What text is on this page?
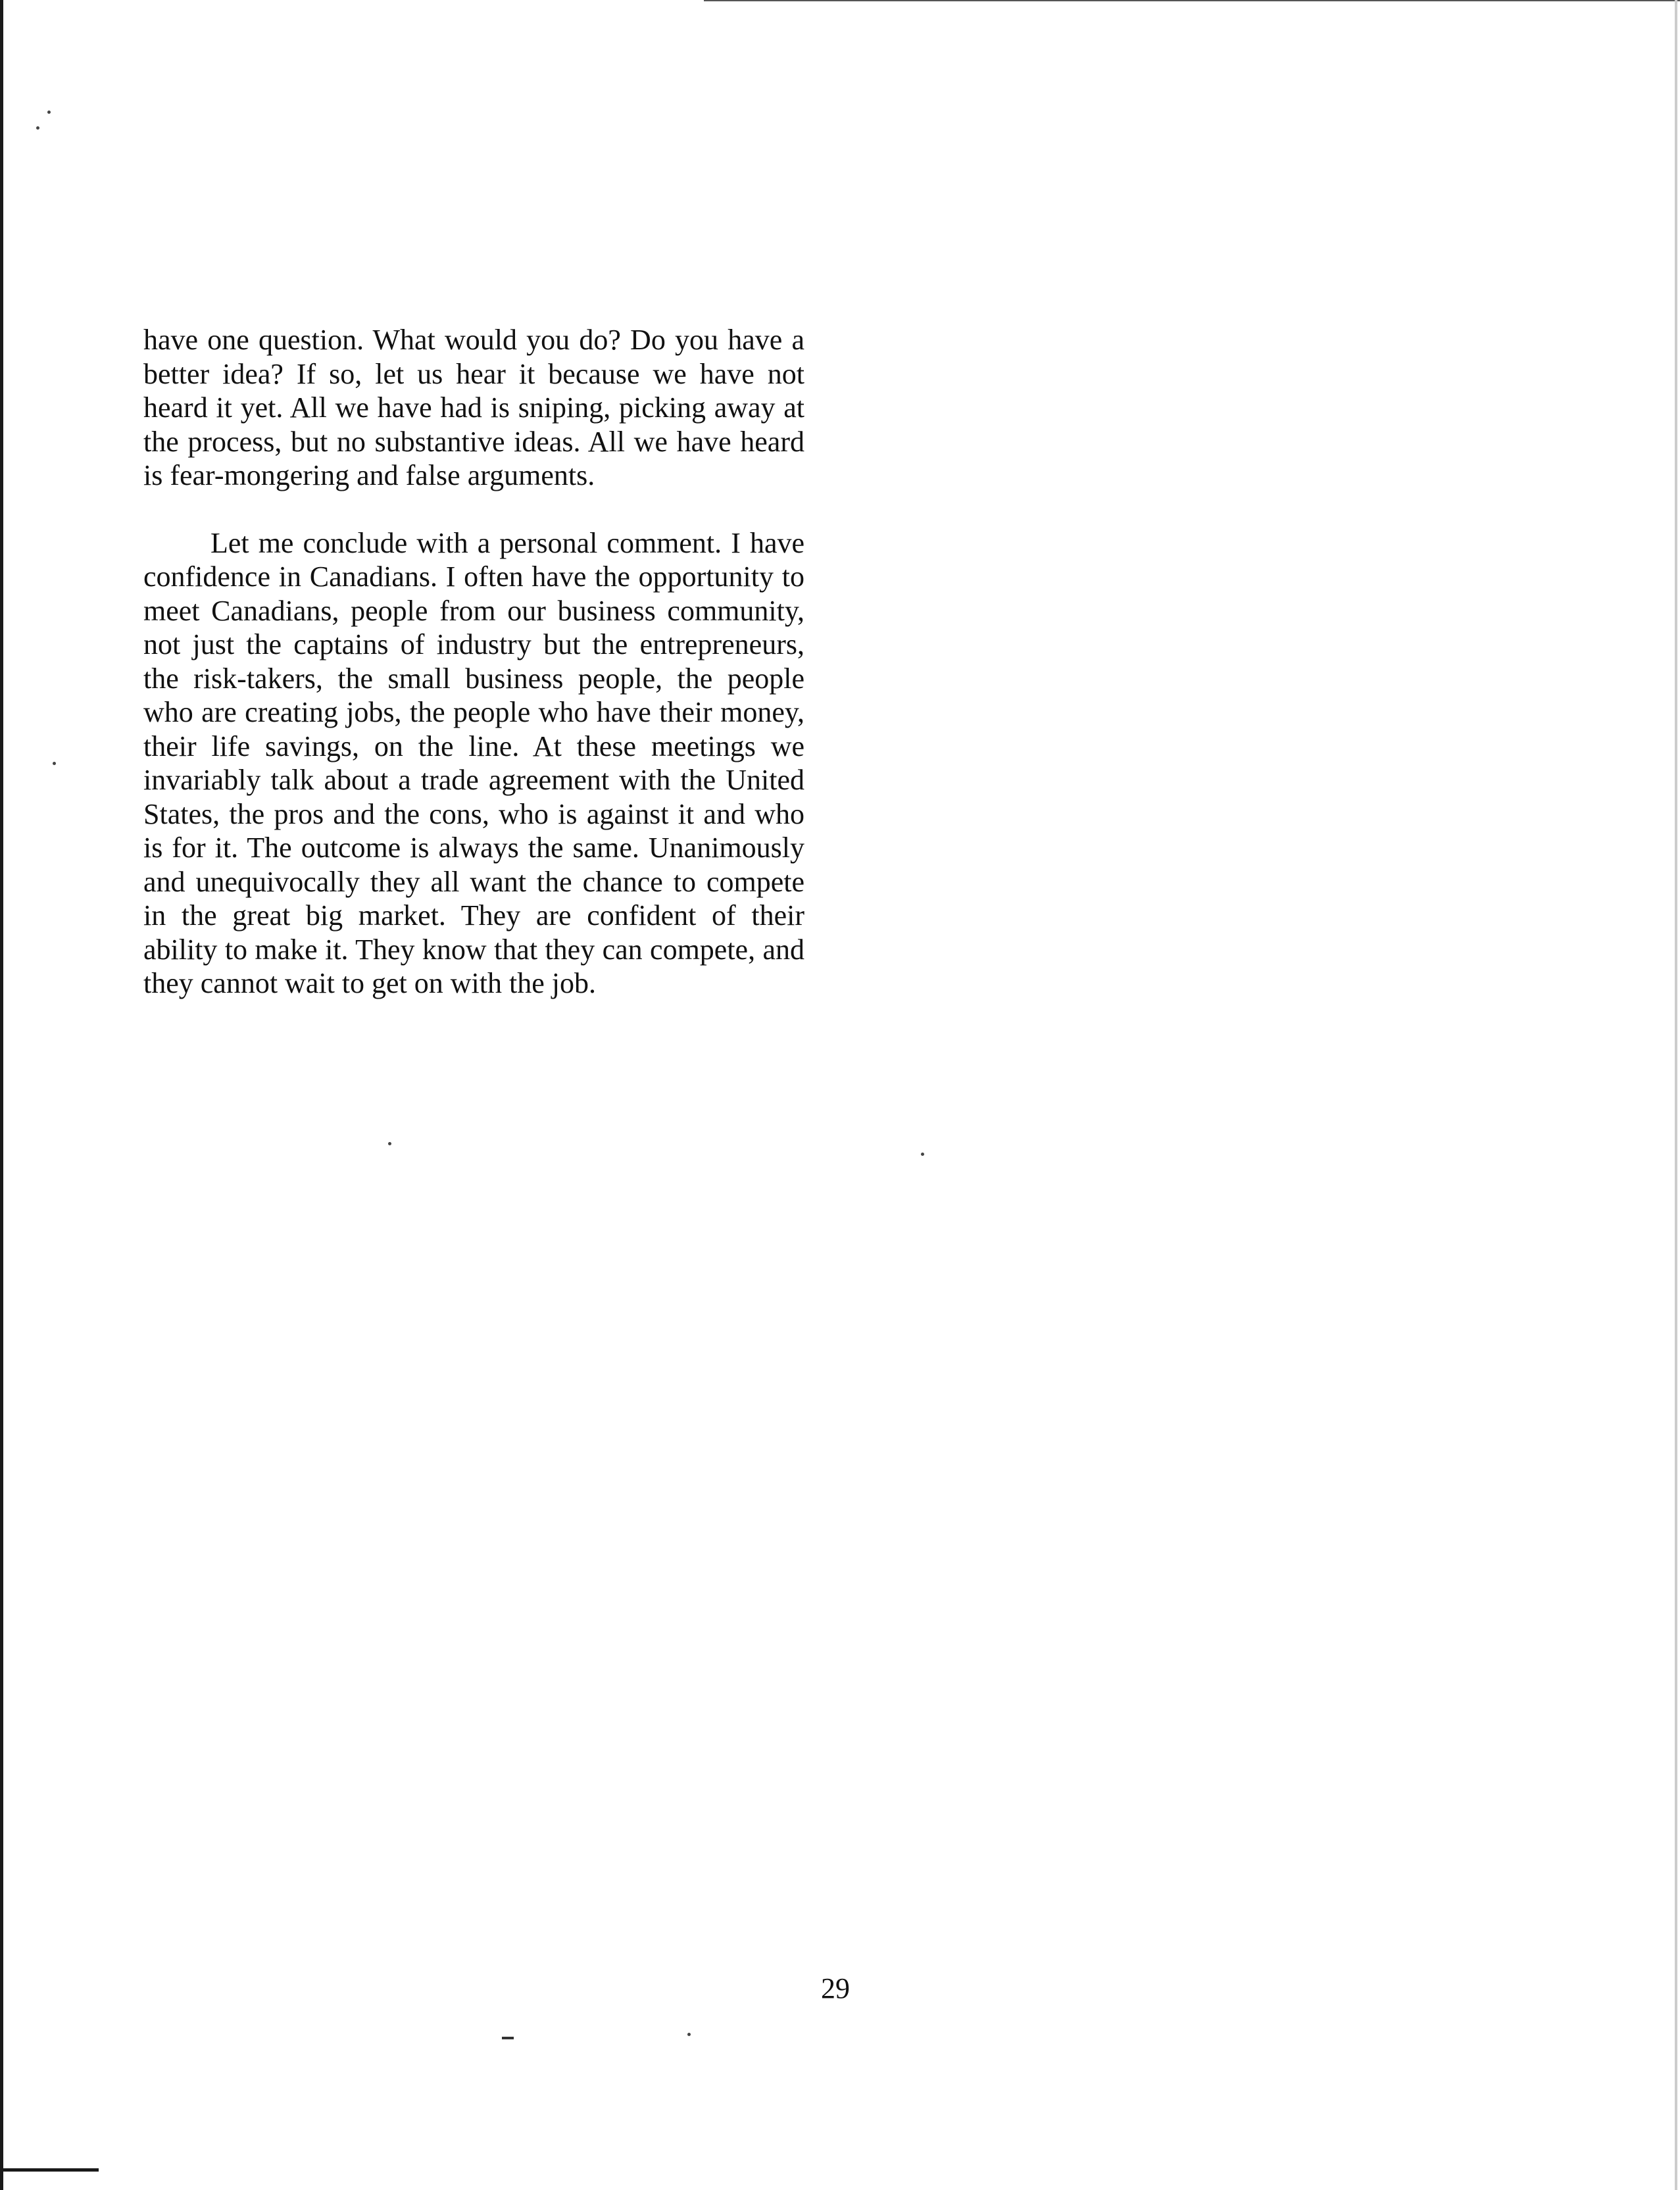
have one question. What would you do? Do you have a better idea? If so, let us hear it because we have not heard it yet. All we have had is sniping, picking away at the process, but no substantive ideas. All we have heard is fear-mongering and false arguments.

Let me conclude with a personal comment. I have confidence in Canadians. I often have the opportunity to meet Canadians, people from our business community, not just the captains of industry but the entrepreneurs, the risk-takers, the small business people, the people who are creating jobs, the people who have their money, their life savings, on the line. At these meetings we invariably talk about a trade agreement with the United States, the pros and the cons, who is against it and who is for it. The outcome is always the same. Unanimously and unequivocally they all want the chance to compete in the great big market. They are confident of their ability to make it. They know that they can compete, and they cannot wait to get on with the job.

29
